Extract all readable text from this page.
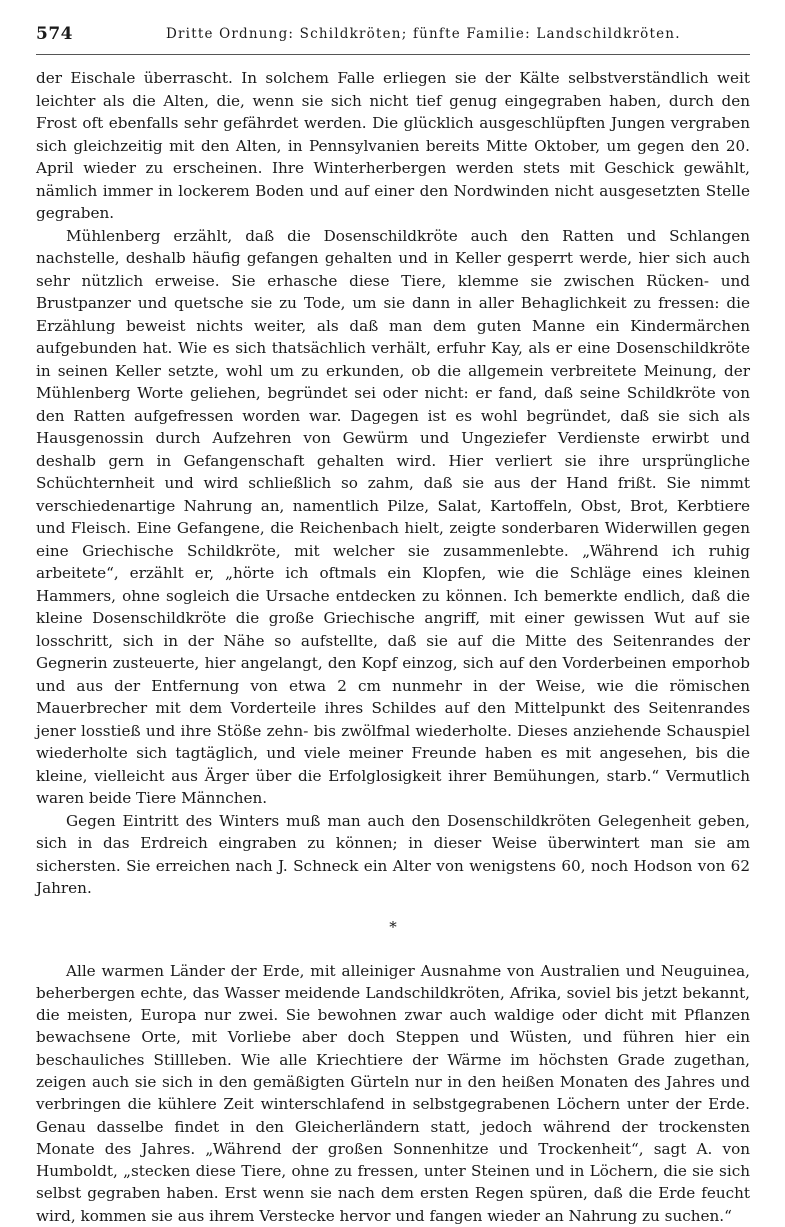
574	Dritte Ordnung: Schildkröten; fünfte Familie: Landschildkröten.

der Eischale überrascht. In solchem Falle erliegen sie der Kälte selbstverständlich weit leichter als die Alten, die, wenn sie sich nicht tief genug eingegraben haben, durch den Frost oft ebenfalls sehr gefährdet werden. Die glücklich ausgeschlüpften Jungen vergraben sich gleichzeitig mit den Alten, in Pennsylvanien bereits Mitte Oktober, um gegen den 20. April wieder zu erscheinen. Ihre Winterherbergen werden stets mit Geschick gewählt, nämlich immer in lockerem Boden und auf einer den Nordwinden nicht ausgesetzten Stelle gegraben.

Mühlenberg erzählt, daß die Dosenschildkröte auch den Ratten und Schlangen nachstelle, deshalb häufig gefangen gehalten und in Keller gesperrt werde, hier sich auch sehr nützlich erweise. Sie erhasche diese Tiere, klemme sie zwischen Rücken- und Brustpanzer und quetsche sie zu Tode, um sie dann in aller Behaglichkeit zu fressen: die Erzählung beweist nichts weiter, als daß man dem guten Manne ein Kindermärchen aufgebunden hat. Wie es sich thatsächlich verhält, erfuhr Kay, als er eine Dosenschildkröte in seinen Keller setzte, wohl um zu erkunden, ob die allgemein verbreitete Meinung, der Mühlenberg Worte geliehen, begründet sei oder nicht: er fand, daß seine Schildkröte von den Ratten aufgefressen worden war. Dagegen ist es wohl begründet, daß sie sich als Hausgenossin durch Aufzehren von Gewürm und Ungeziefer Verdienste erwirbt und deshalb gern in Gefangenschaft gehalten wird. Hier verliert sie ihre ursprüngliche Schüchternheit und wird schließlich so zahm, daß sie aus der Hand frißt. Sie nimmt verschiedenartige Nahrung an, namentlich Pilze, Salat, Kartoffeln, Obst, Brot, Kerbtiere und Fleisch. Eine Gefangene, die Reichenbach hielt, zeigte sonderbaren Widerwillen gegen eine Griechische Schildkröte, mit welcher sie zusammenlebte. „Während ich ruhig arbeitete“, erzählt er, „hörte ich oftmals ein Klopfen, wie die Schläge eines kleinen Hammers, ohne sogleich die Ursache entdecken zu können. Ich bemerkte endlich, daß die kleine Dosenschildkröte die große Griechische angriff, mit einer gewissen Wut auf sie losschritt, sich in der Nähe so aufstellte, daß sie auf die Mitte des Seitenrandes der Gegnerin zusteuerte, hier angelangt, den Kopf einzog, sich auf den Vorderbeinen emporhob und aus der Entfernung von etwa 2 cm nunmehr in der Weise, wie die römischen Mauerbrecher mit dem Vorderteile ihres Schildes auf den Mittelpunkt des Seitenrandes jener losstieß und ihre Stöße zehn- bis zwölfmal wiederholte. Dieses anziehende Schauspiel wiederholte sich tagtäglich, und viele meiner Freunde haben es mit angesehen, bis die kleine, vielleicht aus Ärger über die Erfolglosigkeit ihrer Bemühungen, starb.“ Vermutlich waren beide Tiere Männchen.

Gegen Eintritt des Winters muß man auch den Dosenschildkröten Gelegenheit geben, sich in das Erdreich eingraben zu können; in dieser Weise überwintert man sie am sichersten. Sie erreichen nach J. Schneck ein Alter von wenigstens 60, noch Hodson von 62 Jahren.

*

Alle warmen Länder der Erde, mit alleiniger Ausnahme von Australien und Neuguinea, beherbergen echte, das Wasser meidende Landschildkröten, Afrika, soviel bis jetzt bekannt, die meisten, Europa nur zwei. Sie bewohnen zwar auch waldige oder dicht mit Pflanzen bewachsene Orte, mit Vorliebe aber doch Steppen und Wüsten, und führen hier ein beschauliches Stillleben. Wie alle Kriechtiere der Wärme im höchsten Grade zugethan, zeigen auch sie sich in den gemäßigten Gürteln nur in den heißen Monaten des Jahres und verbringen die kühlere Zeit winterschlafend in selbstgegrabenen Löchern unter der Erde. Genau dasselbe findet in den Gleicherländern statt, jedoch während der trockensten Monate des Jahres. „Während der großen Sonnenhitze und Trockenheit“, sagt A. von Humboldt, „stecken diese Tiere, ohne zu fressen, unter Steinen und in Löchern, die sie sich selbst gegraben haben. Erst wenn sie nach dem ersten Regen spüren, daß die Erde feucht wird, kommen sie aus ihrem Verstecke hervor und fangen wieder an Nahrung zu suchen.“
